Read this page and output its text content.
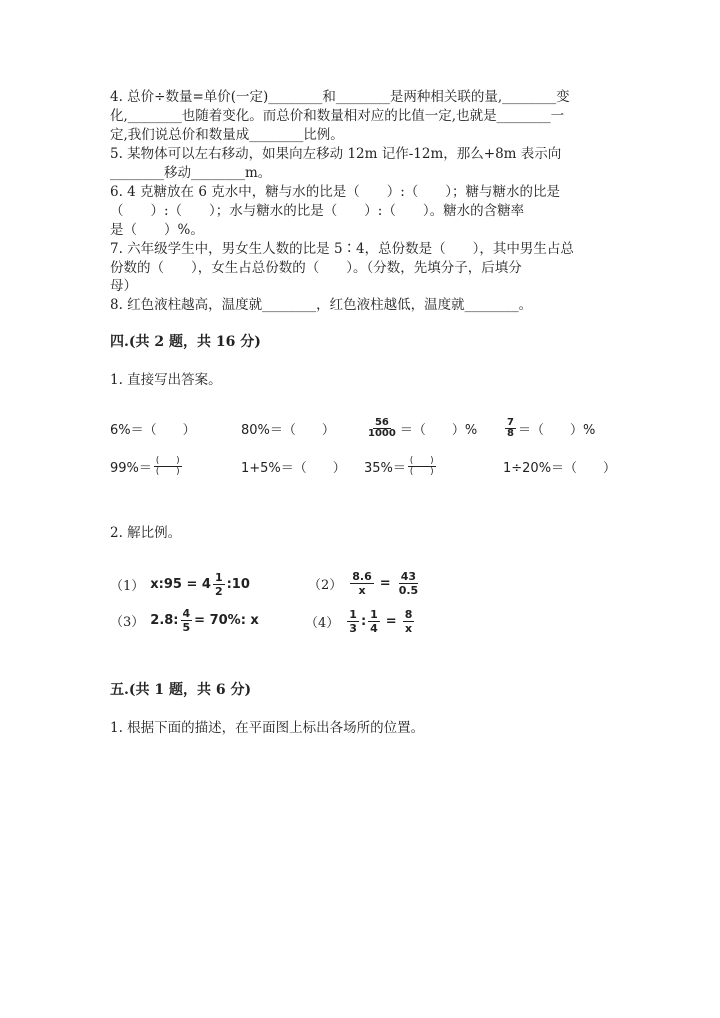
4. 总价÷数量=单价(一定)________和________是两种相关联的量,________变
化,________也随着变化。而总价和数量相对应的比值一定,也就是________一
定,我们说总价和数量成________比例。
5. 某物体可以左右移动，如果向左移动 12m 记作-12m，那么+8m 表示向
________移动________m。
6. 4 克糖放在 6 克水中，糖与水的比是（　　）:（　　）；糖与糖水的比是
（　　）:（　　）；水与糖水的比是（　　）:（　　）。糖水的含糖率
是（　　）%。
7. 六年级学生中，男女生人数的比是 5∶4，总份数是（　　），其中男生占总
份数的（　　），女生占总份数的（　　）。（分数，先填分子，后填分
母）
8. 红色液柱越高，温度就________，红色液柱越低，温度就________。
四.(共 2 题，共 16 分)
1. 直接写出答案。
6%＝（　　）	80%＝（　　）	$\frac{56}{1000}$ ＝（　　）%	$\frac{7}{8}$ ＝（　　）%
$99\%= \frac{( )}{( )}$	1+5%＝（　　） $35\%= \frac{( )}{( )}$	1÷20%＝（　　）
2. 解比例。
（1） x:95 = $4 \frac{1}{2}$ :10	$(2) \frac{8.6}{x} = \frac{43}{0.5}$
（3） 2.8: $\frac{4}{5} = 70\%$: x	$(4) \frac{1}{3}$ : $\frac{1}{4} = \frac{8}{x}$
五.(共 1 题，共 6 分)
1. 根据下面的描述，在平面图上标出各场所的位置。
